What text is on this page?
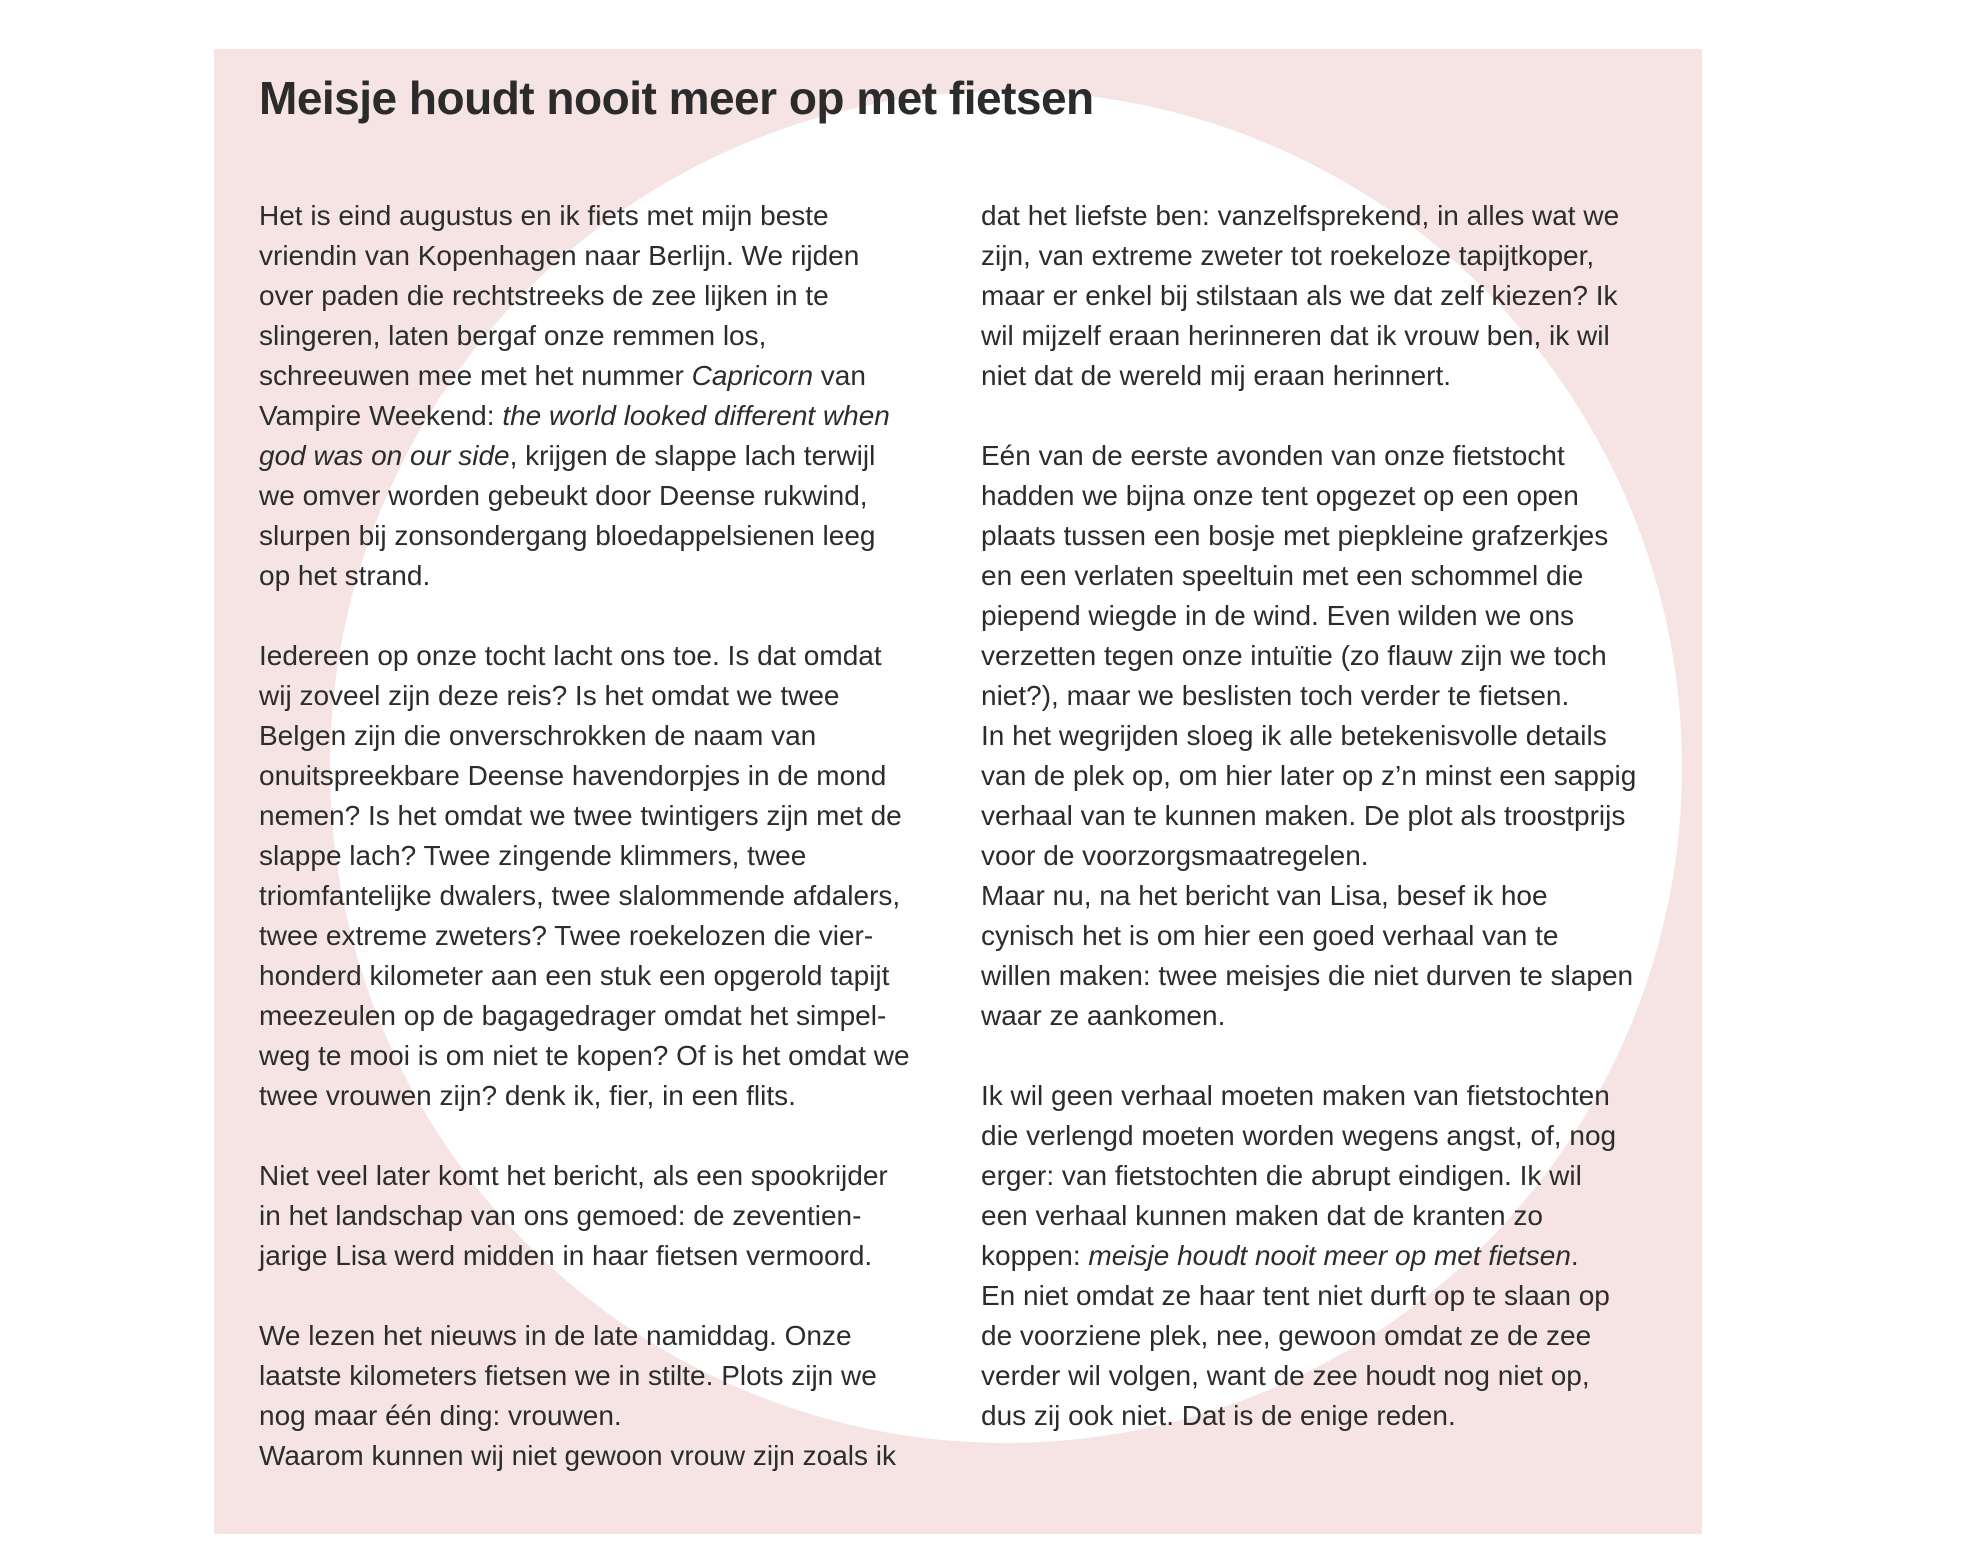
Meisje houdt nooit meer op met fietsen

Het is eind augustus en ik fiets met mijn beste
vriendin van Kopenhagen naar Berlijn. We rijden
over paden die rechtstreeks de zee lijken in te
slingeren, laten bergaf onze remmen los,
schreeuwen mee met het nummer Capricorn van
Vampire Weekend: the world looked different when
god was on our side, krijgen de slappe lach terwijl
we omver worden gebeukt door Deense rukwind,
slurpen bij zonsondergang bloedappelsienen leeg
op het strand.

Iedereen op onze tocht lacht ons toe. Is dat omdat
wij zoveel zijn deze reis? Is het omdat we twee
Belgen zijn die onverschrokken de naam van
onuitspreekbare Deense havendorpjes in de mond
nemen? Is het omdat we twee twintigers zijn met de
slappe lach? Twee zingende klimmers, twee
triomfantelijke dwalers, twee slalommende afdalers,
twee extreme zweters? Twee roekelozen die vier-
honderd kilometer aan een stuk een opgerold tapijt
meezeulen op de bagagedrager omdat het simpel-
weg te mooi is om niet te kopen? Of is het omdat we
twee vrouwen zijn? denk ik, fier, in een flits.

Niet veel later komt het bericht, als een spookrijder
in het landschap van ons gemoed: de zeventien-
jarige Lisa werd midden in haar fietsen vermoord.

We lezen het nieuws in de late namiddag. Onze
laatste kilometers fietsen we in stilte. Plots zijn we
nog maar één ding: vrouwen.
Waarom kunnen wij niet gewoon vrouw zijn zoals ik

dat het liefste ben: vanzelfsprekend, in alles wat we
zijn, van extreme zweter tot roekeloze tapijtkoper,
maar er enkel bij stilstaan als we dat zelf kiezen? Ik
wil mijzelf eraan herinneren dat ik vrouw ben, ik wil
niet dat de wereld mij eraan herinnert.

Eén van de eerste avonden van onze fietstocht
hadden we bijna onze tent opgezet op een open
plaats tussen een bosje met piepkleine grafzerkjes
en een verlaten speeltuin met een schommel die
piepend wiegde in de wind. Even wilden we ons
verzetten tegen onze intuïtie (zo flauw zijn we toch
niet?), maar we beslisten toch verder te fietsen.
In het wegrijden sloeg ik alle betekenisvolle details
van de plek op, om hier later op z’n minst een sappig
verhaal van te kunnen maken. De plot als troostprijs
voor de voorzorgsmaatregelen.
Maar nu, na het bericht van Lisa, besef ik hoe
cynisch het is om hier een goed verhaal van te
willen maken: twee meisjes die niet durven te slapen
waar ze aankomen.

Ik wil geen verhaal moeten maken van fietstochten
die verlengd moeten worden wegens angst, of, nog
erger: van fietstochten die abrupt eindigen. Ik wil
een verhaal kunnen maken dat de kranten zo
koppen: meisje houdt nooit meer op met fietsen.
En niet omdat ze haar tent niet durft op te slaan op
de voorziene plek, nee, gewoon omdat ze de zee
verder wil volgen, want de zee houdt nog niet op,
dus zij ook niet. Dat is de enige reden.
